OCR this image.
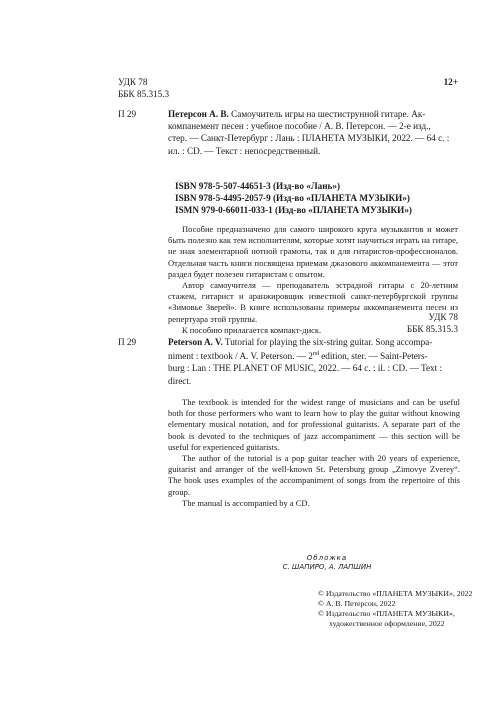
УДК 78
ББК 85.315.3
12+
П 29	Петерсон А. В. Самоучитель игры на шестиструнной гитаре. Ак-
компанемент песен : учебное пособие / А. В. Петерсон. — 2-е изд.,
стер. — Санкт-Петербург : Лань : ПЛАНЕТА МУЗЫКИ, 2022. — 64 с. :
ил. : CD. — Текст : непосредственный.
ISBN 978-5-507-44651-3 (Изд-во «Лань»)
ISBN 978-5-4495-2057-9 (Изд-во «ПЛАНЕТА МУЗЫКИ»)
ISMN 979-0-66011-033-1 (Изд-во «ПЛАНЕТА МУЗЫКИ»)
Пособие предназначено для самого широкого круга музыкантов и может быть полезно как тем исполнителям, которые хотят научиться играть на гитаре, не зная элементарной нотной грамоты, так и для гитаристов-профессионалов. Отдельная часть книги посвящена приемам джазового аккомпанемента — этот раздел будет полезен гитаристам с опытом.
Автор самоучителя — преподаватель эстрадной гитары с 20-летним стажем, гитарист и аранжировщик известной санкт-петербургской группы «Зимовье Зверей». В книге использованы примеры аккомпанемента песен из репертуара этой группы.
К пособию прилагается компакт-диск.
УДК 78
ББК 85.315.3
П 29	Peterson A. V. Tutorial for playing the six-string guitar. Song accompa-
niment : textbook / A. V. Peterson. — 2nd edition, ster. — Saint-Peters-
burg : Lan : THE PLANET OF MUSIC, 2022. — 64 c. : il. : CD. — Text :
direct.
The textbook is intended for the widest range of musicians and can be useful both for those performers who want to learn how to play the guitar without knowing elementary musical notation, and for professional guitarists. A separate part of the book is devoted to the techniques of jazz accompaniment — this section will be useful for experienced guitarists.
The author of the tutorial is a pop guitar teacher with 20 years of experience, guitarist and arranger of the well-known St. Petersburg group „Zimovye Zverey“. The book uses examples of the accompaniment of songs from the repertoire of this group.
The manual is accompanied by a CD.
Обложка
С. ШАПИРО, А. ЛАПШИН
© Издательство «ПЛАНЕТА МУЗЫКИ», 2022
© А. В. Петерсон, 2022
© Издательство «ПЛАНЕТА МУЗЫКИ»,
художественное оформление, 2022
